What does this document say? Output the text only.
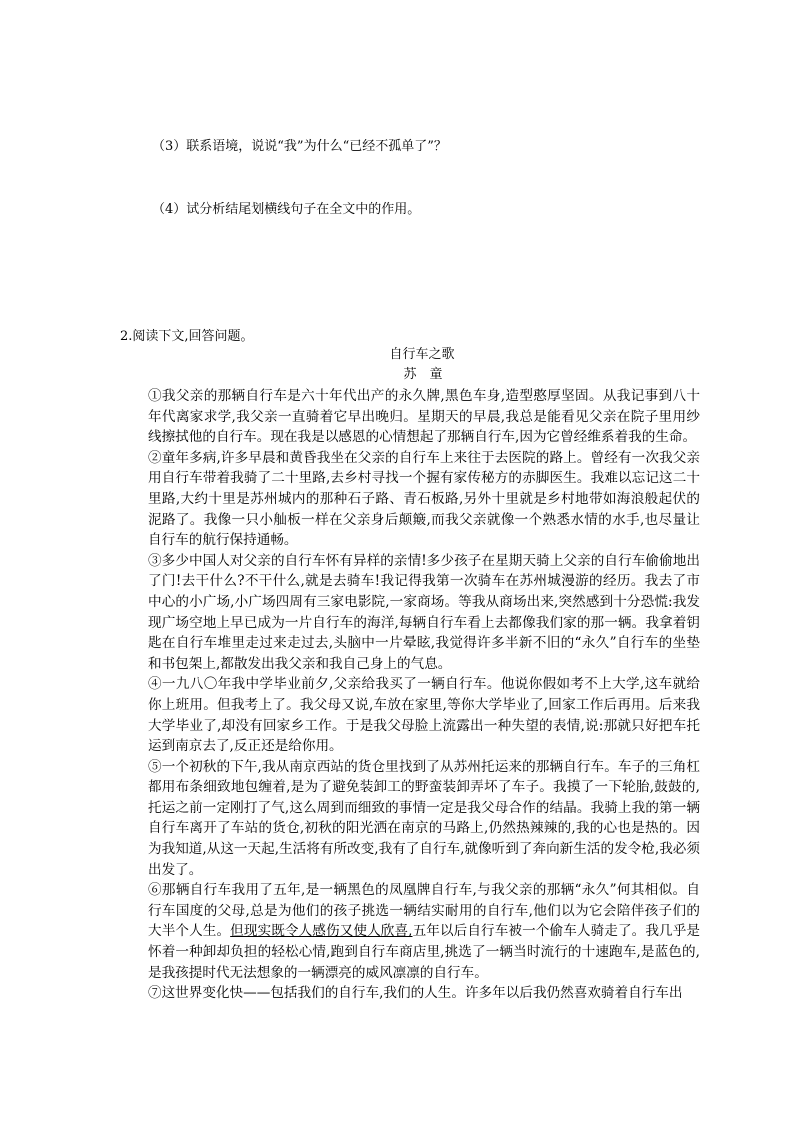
（3）联系语境，说说“我”为什么“已经不孤单了”？
（4）试分析结尾划横线句子在全文中的作用。
2.阅读下文,回答问题。
自行车之歌
苏　童

①我父亲的那辆自行车是六十年代出产的永久牌,黑色车身,造型憨厚坚固。从我记事到八十年代离家求学,我父亲一直骑着它早出晚归。星期天的早晨,我总是能看见父亲在院子里用纱线擦拭他的自行车。现在我是以感恩的心情想起了那辆自行车,因为它曾经维系着我的生命。

②童年多病,许多早晨和黄昏我坐在父亲的自行车上来往于去医院的路上。曾经有一次我父亲用自行车带着我骑了二十里路,去乡村寻找一个握有家传秘方的赤脚医生。我难以忘记这二十里路,大约十里是苏州城内的那种石子路、青石板路,另外十里就是乡村地带如海浪般起伏的泥路了。我像一只小舢板一样在父亲身后颠簸,而我父亲就像一个熟悉水情的水手,也尽量让自行车的航行保持通畅。

③多少中国人对父亲的自行车怀有异样的亲情!多少孩子在星期天骑上父亲的自行车偷偷地出了门!去干什么?不干什么,就是去骑车!我记得我第一次骑车在苏州城漫游的经历。我去了市中心的小广场,小广场四周有三家电影院,一家商场。等我从商场出来,突然感到十分恐慌:我发现广场空地上早已成为一片自行车的海洋,每辆自行车看上去都像我们家的那一辆。我拿着钥匙在自行车堆里走过来走过去,头脑中一片晕眩,我觉得许多半新不旧的“永久”自行车的坐垫和书包架上,都散发出我父亲和我自己身上的气息。

④一九八〇年我中学毕业前夕,父亲给我买了一辆自行车。他说你假如考不上大学,这车就给你上班用。但我考上了。我父母又说,车放在家里,等你大学毕业了,回家工作后再用。后来我大学毕业了,却没有回家乡工作。于是我父母脸上流露出一种失望的表情,说:那就只好把车托运到南京去了,反正还是给你用。

⑤一个初秋的下午,我从南京西站的货仓里找到了从苏州托运来的那辆自行车。车子的三角杠都用布条细致地包缠着,是为了避免装卸工的野蛮装卸弄坏了车子。我摸了一下轮胎,鼓鼓的,托运之前一定刚打了气,这么周到而细致的事情一定是我父母合作的结晶。我骑上我的第一辆自行车离开了车站的货仓,初秋的阳光洒在南京的马路上,仍然热辣辣的,我的心也是热的。因为我知道,从这一天起,生活将有所改变,我有了自行车,就像听到了奔向新生活的发令枪,我必须出发了。

⑥那辆自行车我用了五年,是一辆黑色的凤凰牌自行车,与我父亲的那辆“永久”何其相似。自行车国度的父母,总是为他们的孩子挑选一辆结实耐用的自行车,他们以为它会陪伴孩子们的大半个人生。但现实既令人感伤又使人欣喜,五年以后自行车被一个偷车人骑走了。我几乎是怀着一种卸却负担的轻松心情,跑到自行车商店里,挑选了一辆当时流行的十速跑车,是蓝色的,是我孩提时代无法想象的一辆漂亮的威风凛凛的自行车。

⑦这世界变化快——包括我们的自行车,我们的人生。许多年以后我仍然喜欢骑着自行车出
